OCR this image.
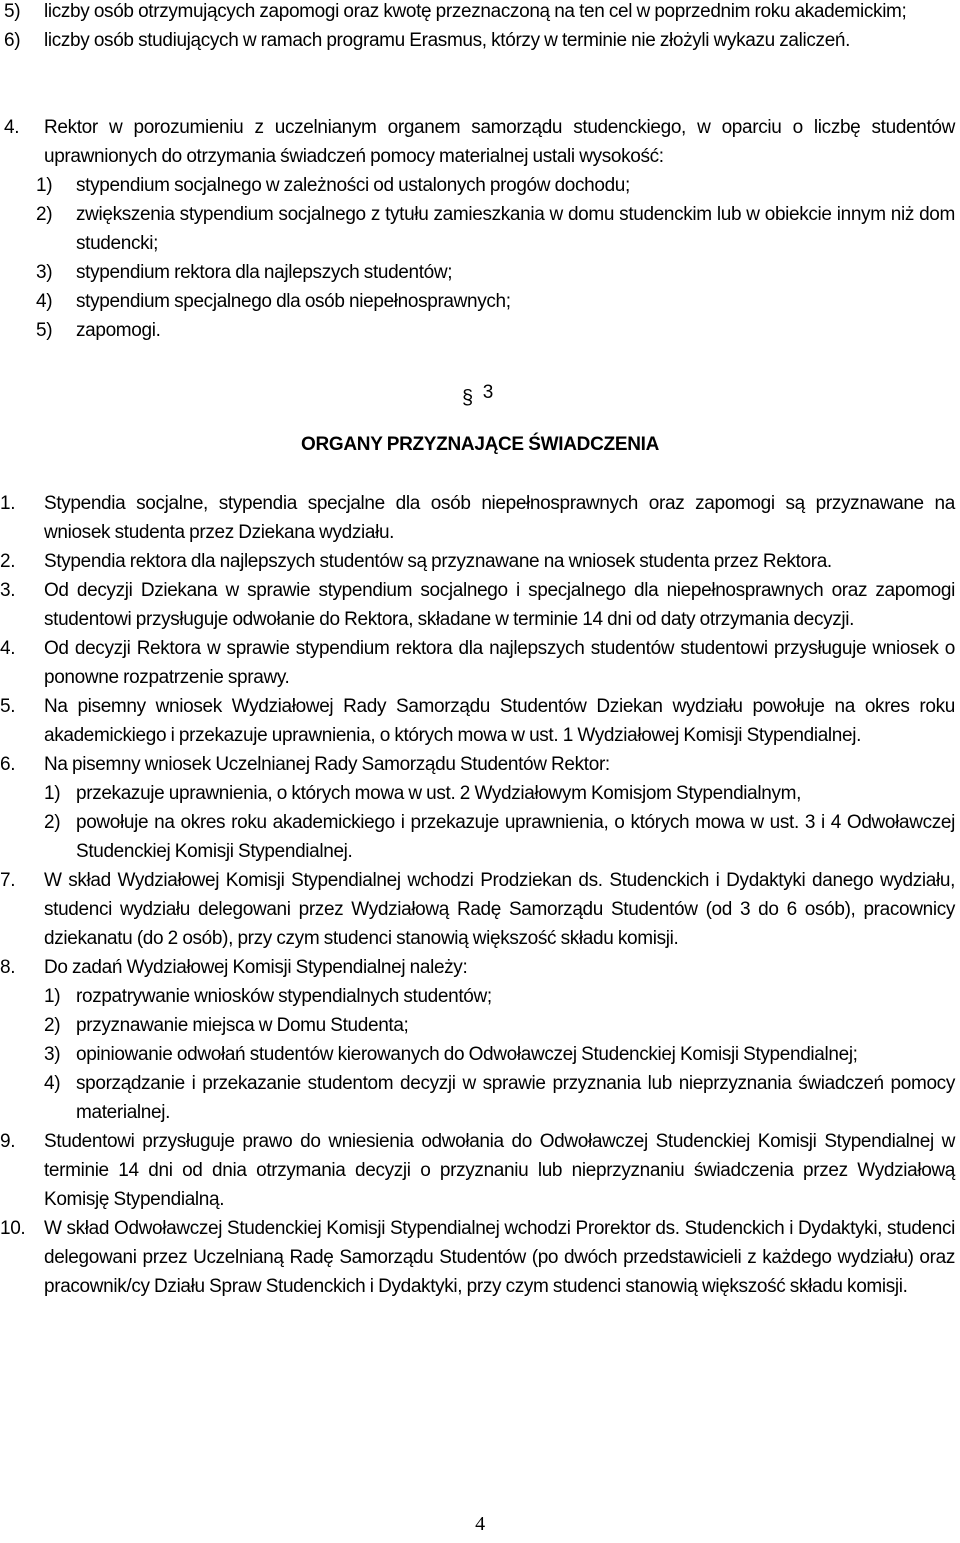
5) liczby osób otrzymujących zapomogi oraz kwotę przeznaczoną na ten cel w poprzednim roku akademickim;
6) liczby osób studiujących w ramach programu Erasmus, którzy w terminie nie złożyli wykazu zaliczeń.
4. Rektor w porozumieniu z uczelnianym organem samorządu studenckiego, w oparciu o liczbę studentów uprawnionych do otrzymania świadczeń pomocy materialnej ustali wysokość:
1) stypendium socjalnego w zależności od ustalonych progów dochodu;
2) zwiększenia stypendium socjalnego z tytułu zamieszkania w domu studenckim lub w obiekcie innym niż dom studencki;
3) stypendium rektora dla najlepszych studentów;
4) stypendium specjalnego dla osób niepełnosprawnych;
5) zapomogi.
§ 3
ORGANY PRZYZNAJĄCE ŚWIADCZENIA
1. Stypendia socjalne, stypendia specjalne dla osób niepełnosprawnych oraz zapomogi są przyznawane na wniosek studenta przez Dziekana wydziału.
2. Stypendia rektora dla najlepszych studentów są przyznawane na wniosek studenta przez Rektora.
3. Od decyzji Dziekana w sprawie stypendium socjalnego i specjalnego dla niepełnosprawnych oraz zapomogi studentowi przysługuje odwołanie do Rektora, składane w terminie 14 dni od daty otrzymania decyzji.
4. Od decyzji Rektora w sprawie stypendium rektora dla najlepszych studentów studentowi przysługuje wniosek o ponowne rozpatrzenie sprawy.
5. Na pisemny wniosek Wydziałowej Rady Samorządu Studentów Dziekan wydziału powołuje na okres roku akademickiego i przekazuje uprawnienia, o których mowa w ust. 1 Wydziałowej Komisji Stypendialnej.
6. Na pisemny wniosek Uczelnianej Rady Samorządu Studentów Rektor:
1) przekazuje uprawnienia, o których mowa w ust. 2 Wydziałowym Komisjom Stypendialnym,
2) powołuje na okres roku akademickiego i przekazuje uprawnienia, o których mowa w ust. 3 i 4 Odwoławczej Studenckiej Komisji Stypendialnej.
7. W skład Wydziałowej Komisji Stypendialnej wchodzi Prodziekan ds. Studenckich i Dydaktyki danego wydziału, studenci wydziału delegowani przez Wydziałową Radę Samorządu Studentów (od 3 do 6 osób), pracownicy dziekanatu (do 2 osób), przy czym studenci stanowią większość składu komisji.
8. Do zadań Wydziałowej Komisji Stypendialnej należy:
1) rozpatrywanie wniosków stypendialnych studentów;
2) przyznawanie miejsca w Domu Studenta;
3) opiniowanie odwołań studentów kierowanych do Odwoławczej Studenckiej Komisji Stypendialnej;
4) sporządzanie i przekazanie studentom decyzji w sprawie przyznania lub nieprzyznania świadczeń pomocy materialnej.
9. Studentowi przysługuje prawo do wniesienia odwołania do Odwoławczej Studenckiej Komisji Stypendialnej w terminie 14 dni od dnia otrzymania decyzji o przyznaniu lub nieprzyznaniu świadczenia przez Wydziałową Komisję Stypendialną.
10. W skład Odwoławczej Studenckiej Komisji Stypendialnej wchodzi Prorektor ds. Studenckich i Dydaktyki, studenci delegowani przez Uczelnianą Radę Samorządu Studentów (po dwóch przedstawicieli z każdego wydziału) oraz pracownik/cy Działu Spraw Studenckich i Dydaktyki, przy czym studenci stanowią większość składu komisji.
4
